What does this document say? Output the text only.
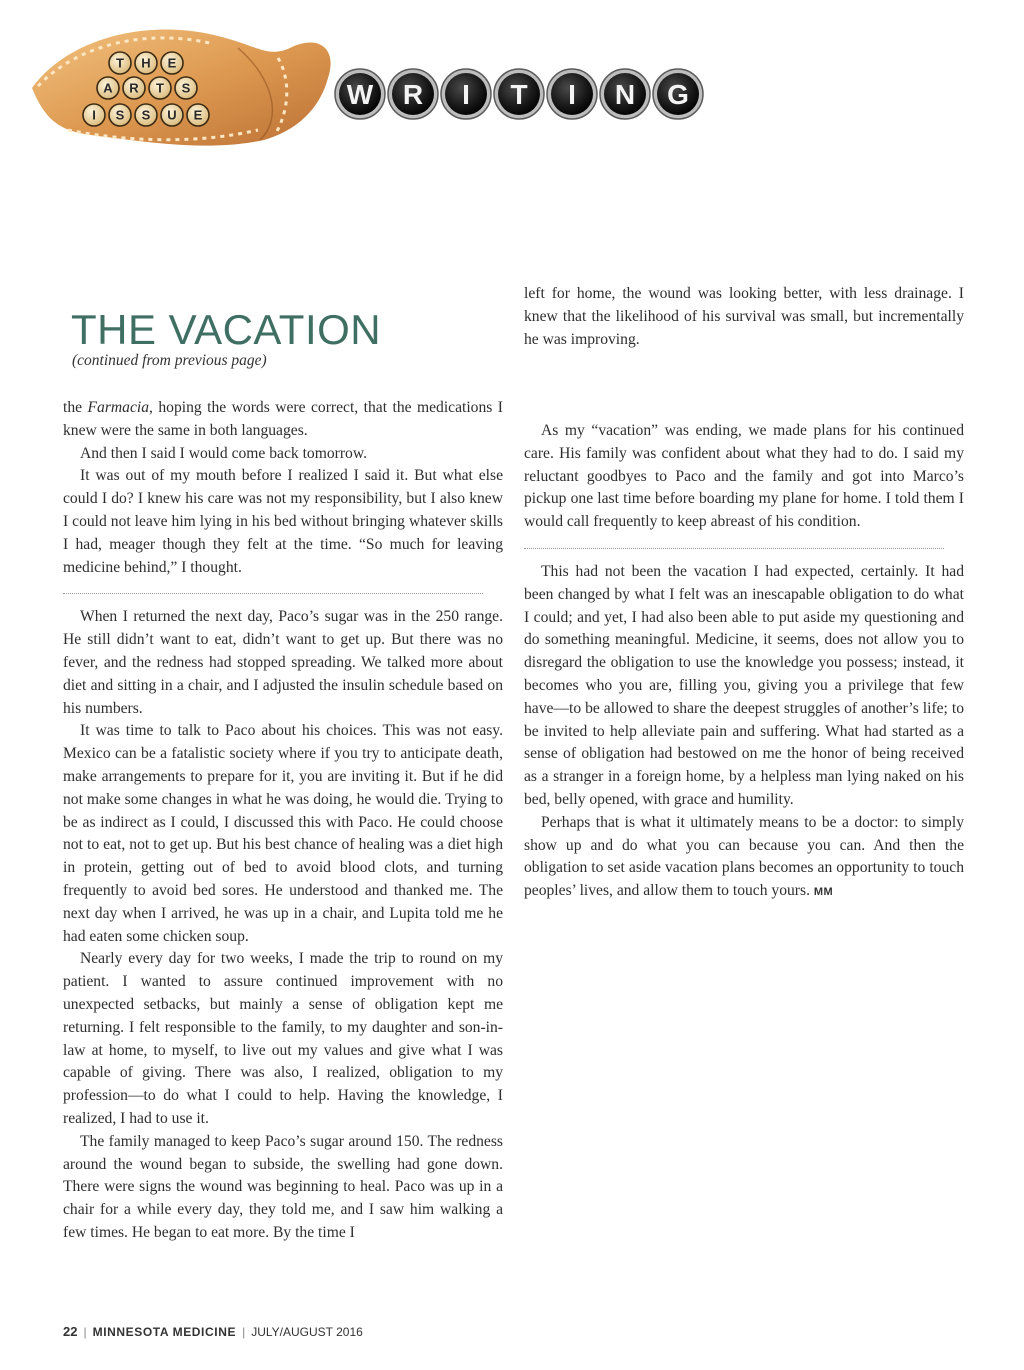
T H E
A R T S
I S S U E
W R I T I N G
THE VACATION
(continued from previous page)

the Farmacia, hoping the words were correct, that the medications I knew were the same in both languages.

And then I said I would come back tomorrow.

It was out of my mouth before I realized I said it. But what else could I do? I knew his care was not my responsibility, but I also knew I could not leave him lying in his bed without bringing whatever skills I had, meager though they felt at the time. “So much for leaving medicine behind,” I thought.

When I returned the next day, Paco’s sugar was in the 250 range. He still didn’t want to eat, didn’t want to get up. But there was no fever, and the redness had stopped spreading. We talked more about diet and sitting in a chair, and I adjusted the insulin schedule based on his numbers.

It was time to talk to Paco about his choices. This was not easy. Mexico can be a fatalistic society where if you try to anticipate death, make arrangements to prepare for it, you are inviting it. But if he did not make some changes in what he was doing, he would die. Trying to be as indirect as I could, I discussed this with Paco. He could choose not to eat, not to get up. But his best chance of healing was a diet high in protein, getting out of bed to avoid blood clots, and turning frequently to avoid bed sores. He understood and thanked me. The next day when I arrived, he was up in a chair, and Lupita told me he had eaten some chicken soup.

Nearly every day for two weeks, I made the trip to round on my patient. I wanted to assure continued improvement with no unexpected setbacks, but mainly a sense of obligation kept me returning. I felt responsible to the family, to my daughter and son-in-law at home, to myself, to live out my values and give what I was capable of giving. There was also, I realized, obligation to my profession—to do what I could to help. Having the knowledge, I realized, I had to use it.

The family managed to keep Paco’s sugar around 150. The redness around the wound began to subside, the swelling had gone down. There were signs the wound was beginning to heal. Paco was up in a chair for a while every day, they told me, and I saw him walking a few times. He began to eat more. By the time I

As my “vacation” was ending, we made plans for his continued care. His family was confident about what they had to do. I said my reluctant goodbyes to Paco and the family and got into Marco’s pickup one last time before boarding my plane for home. I told them I would call frequently to keep abreast of his condition.

This had not been the vacation I had expected, certainly. It had been changed by what I felt was an inescapable obligation to do what I could; and yet, I had also been able to put aside my questioning and do something meaningful. Medicine, it seems, does not allow you to disregard the obligation to use the knowledge you possess; instead, it becomes who you are, filling you, giving you a privilege that few have—to be allowed to share the deepest struggles of another’s life; to be invited to help alleviate pain and suffering. What had started as a sense of obligation had bestowed on me the honor of being received as a stranger in a foreign home, by a helpless man lying naked on his bed, belly opened, with grace and humility.

Perhaps that is what it ultimately means to be a doctor: to simply show up and do what you can because you can. And then the obligation to set aside vacation plans becomes an opportunity to touch peoples’ lives, and allow them to touch yours. MM

left for home, the wound was looking better, with less drainage. I knew that the likelihood of his survival was small, but incrementally he was improving.

22 | MINNESOTA MEDICINE | JULY/AUGUST 2016
